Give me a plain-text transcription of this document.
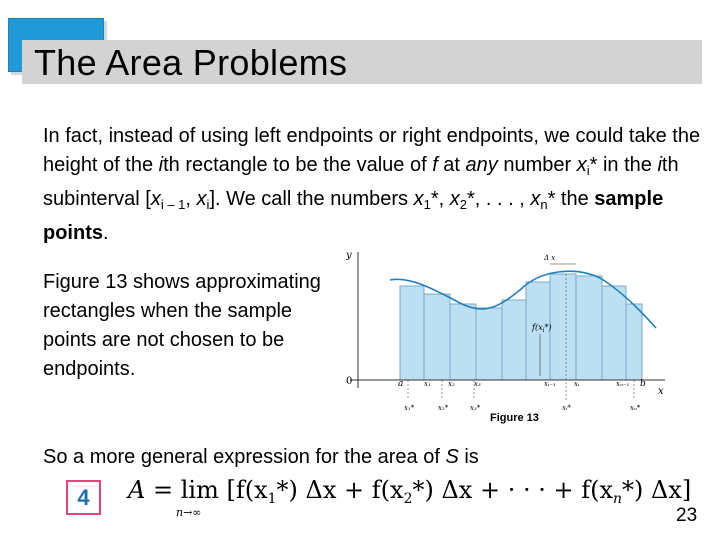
The Area Problems
In fact, instead of using left endpoints or right endpoints, we could take the height of the ith rectangle to be the value of f at any number $x_i*$ in the ith subinterval [$x_{i - 1}$, $x_i$]. We call the numbers $x_1*$, $x_2*$, . . . , $x_n*$ the sample points.
Figure 13 shows approximating rectangles when the sample points are not chosen to be endpoints.
y
x
0	a	b
x₁ x₂	x₃	xᵢ₋₁	xᵢ	xₙ₋₁
x₁*	x₂*	x₃*	xᵢ*	xₙ*
$f(x_i*)$
Δ x
Figure 13
So a more general expression for the area of S is
4	A = lim
n→∞
[$f(x_1*) \Delta x + f(x_2*) \Delta x$ + · · · + $f(x_n*)$ Δx]
23
